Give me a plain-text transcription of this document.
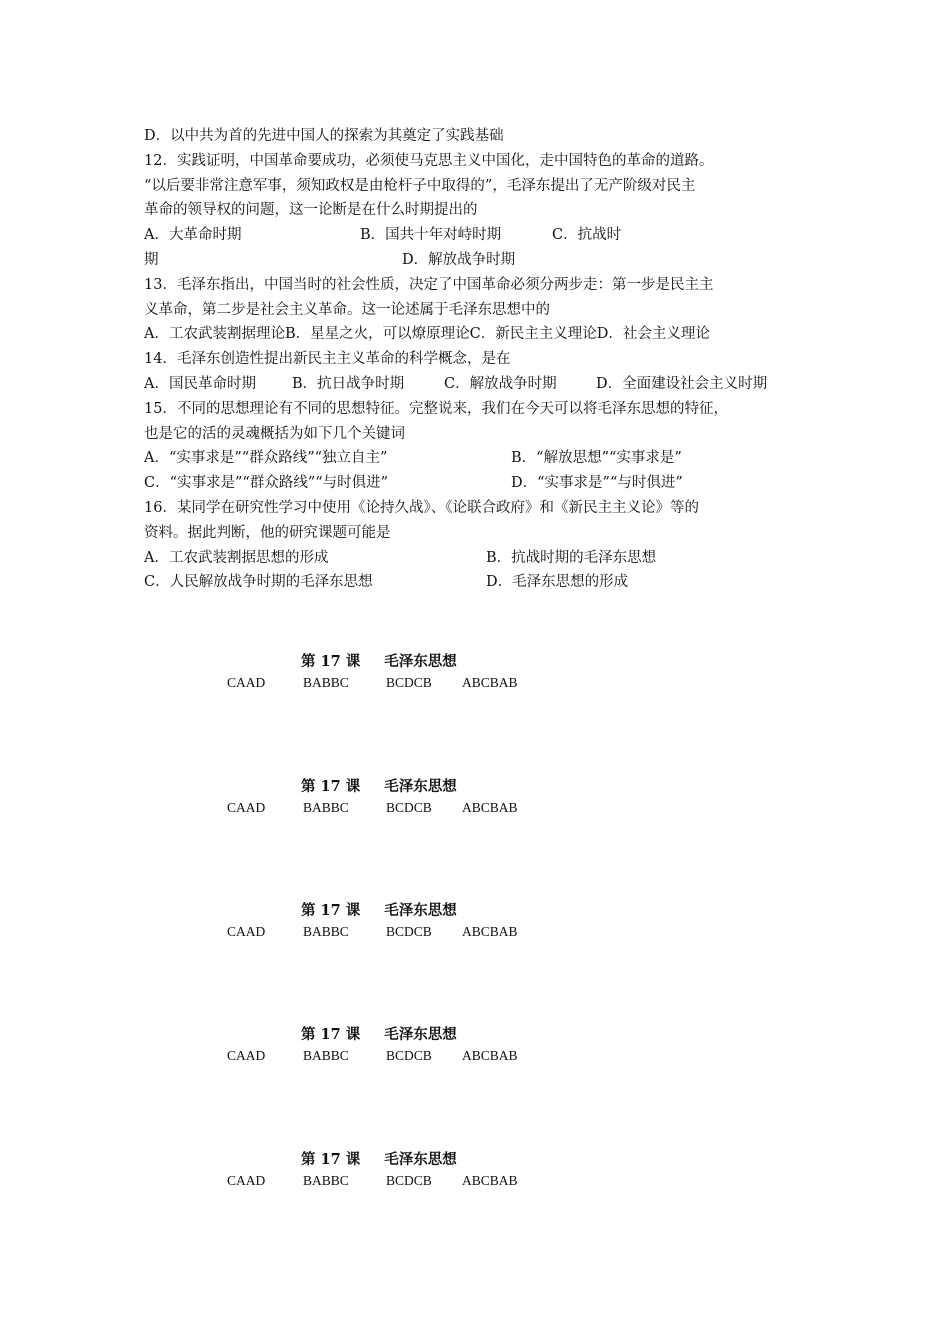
D．以中共为首的先进中国人的探索为其奠定了实践基础
12．实践证明，中国革命要成功，必须使马克思主义中国化，走中国特色的革命的道路。
“以后要非常注意军事，须知政权是由枪杆子中取得的”，毛泽东提出了无产阶级对民主
革命的领导权的问题，这一论断是在什么时期提出的
A．大革命时期	B．国共十年对峙时期	C．抗战时
期	D．解放战争时期
13．毛泽东指出，中国当时的社会性质，决定了中国革命必须分两步走：第一步是民主主
义革命，第二步是社会主义革命。这一论述属于毛泽东思想中的
A．工农武装割据理论B．星星之火，可以燎原理论C．新民主主义理论D．社会主义理论
14．毛泽东创造性提出新民主主义革命的科学概念，是在
A．国民革命时期 B．抗日战争时期	C．解放战争时期	D．全面建设社会主义时期
15．不同的思想理论有不同的思想特征。完整说来，我们在今天可以将毛泽东思想的特征，
也是它的活的灵魂概括为如下几个关键词
A．“实事求是”“群众路线”“独立自主”	B．“解放思想”“实事求是”
C．“实事求是”“群众路线”“与时俱进”	D．“实事求是”“与时俱进”
16．某同学在研究性学习中使用《论持久战》、《论联合政府》和《新民主主义论》等的
资料。据此判断，他的研究课题可能是
A．工农武装割据思想的形成	B．抗战时期的毛泽东思想
C．人民解放战争时期的毛泽东思想	D．毛泽东思想的形成
第 17 课 毛泽东思想
CAAD	BABBC	BCDCB ABCBAB
第 17 课 毛泽东思想
CAAD	BABBC	BCDCB ABCBAB
第 17 课 毛泽东思想
CAAD	BABBC	BCDCB ABCBAB
第 17 课 毛泽东思想
CAAD	BABBC	BCDCB ABCBAB
第 17 课 毛泽东思想
CAAD	BABBC	BCDCB ABCBAB
